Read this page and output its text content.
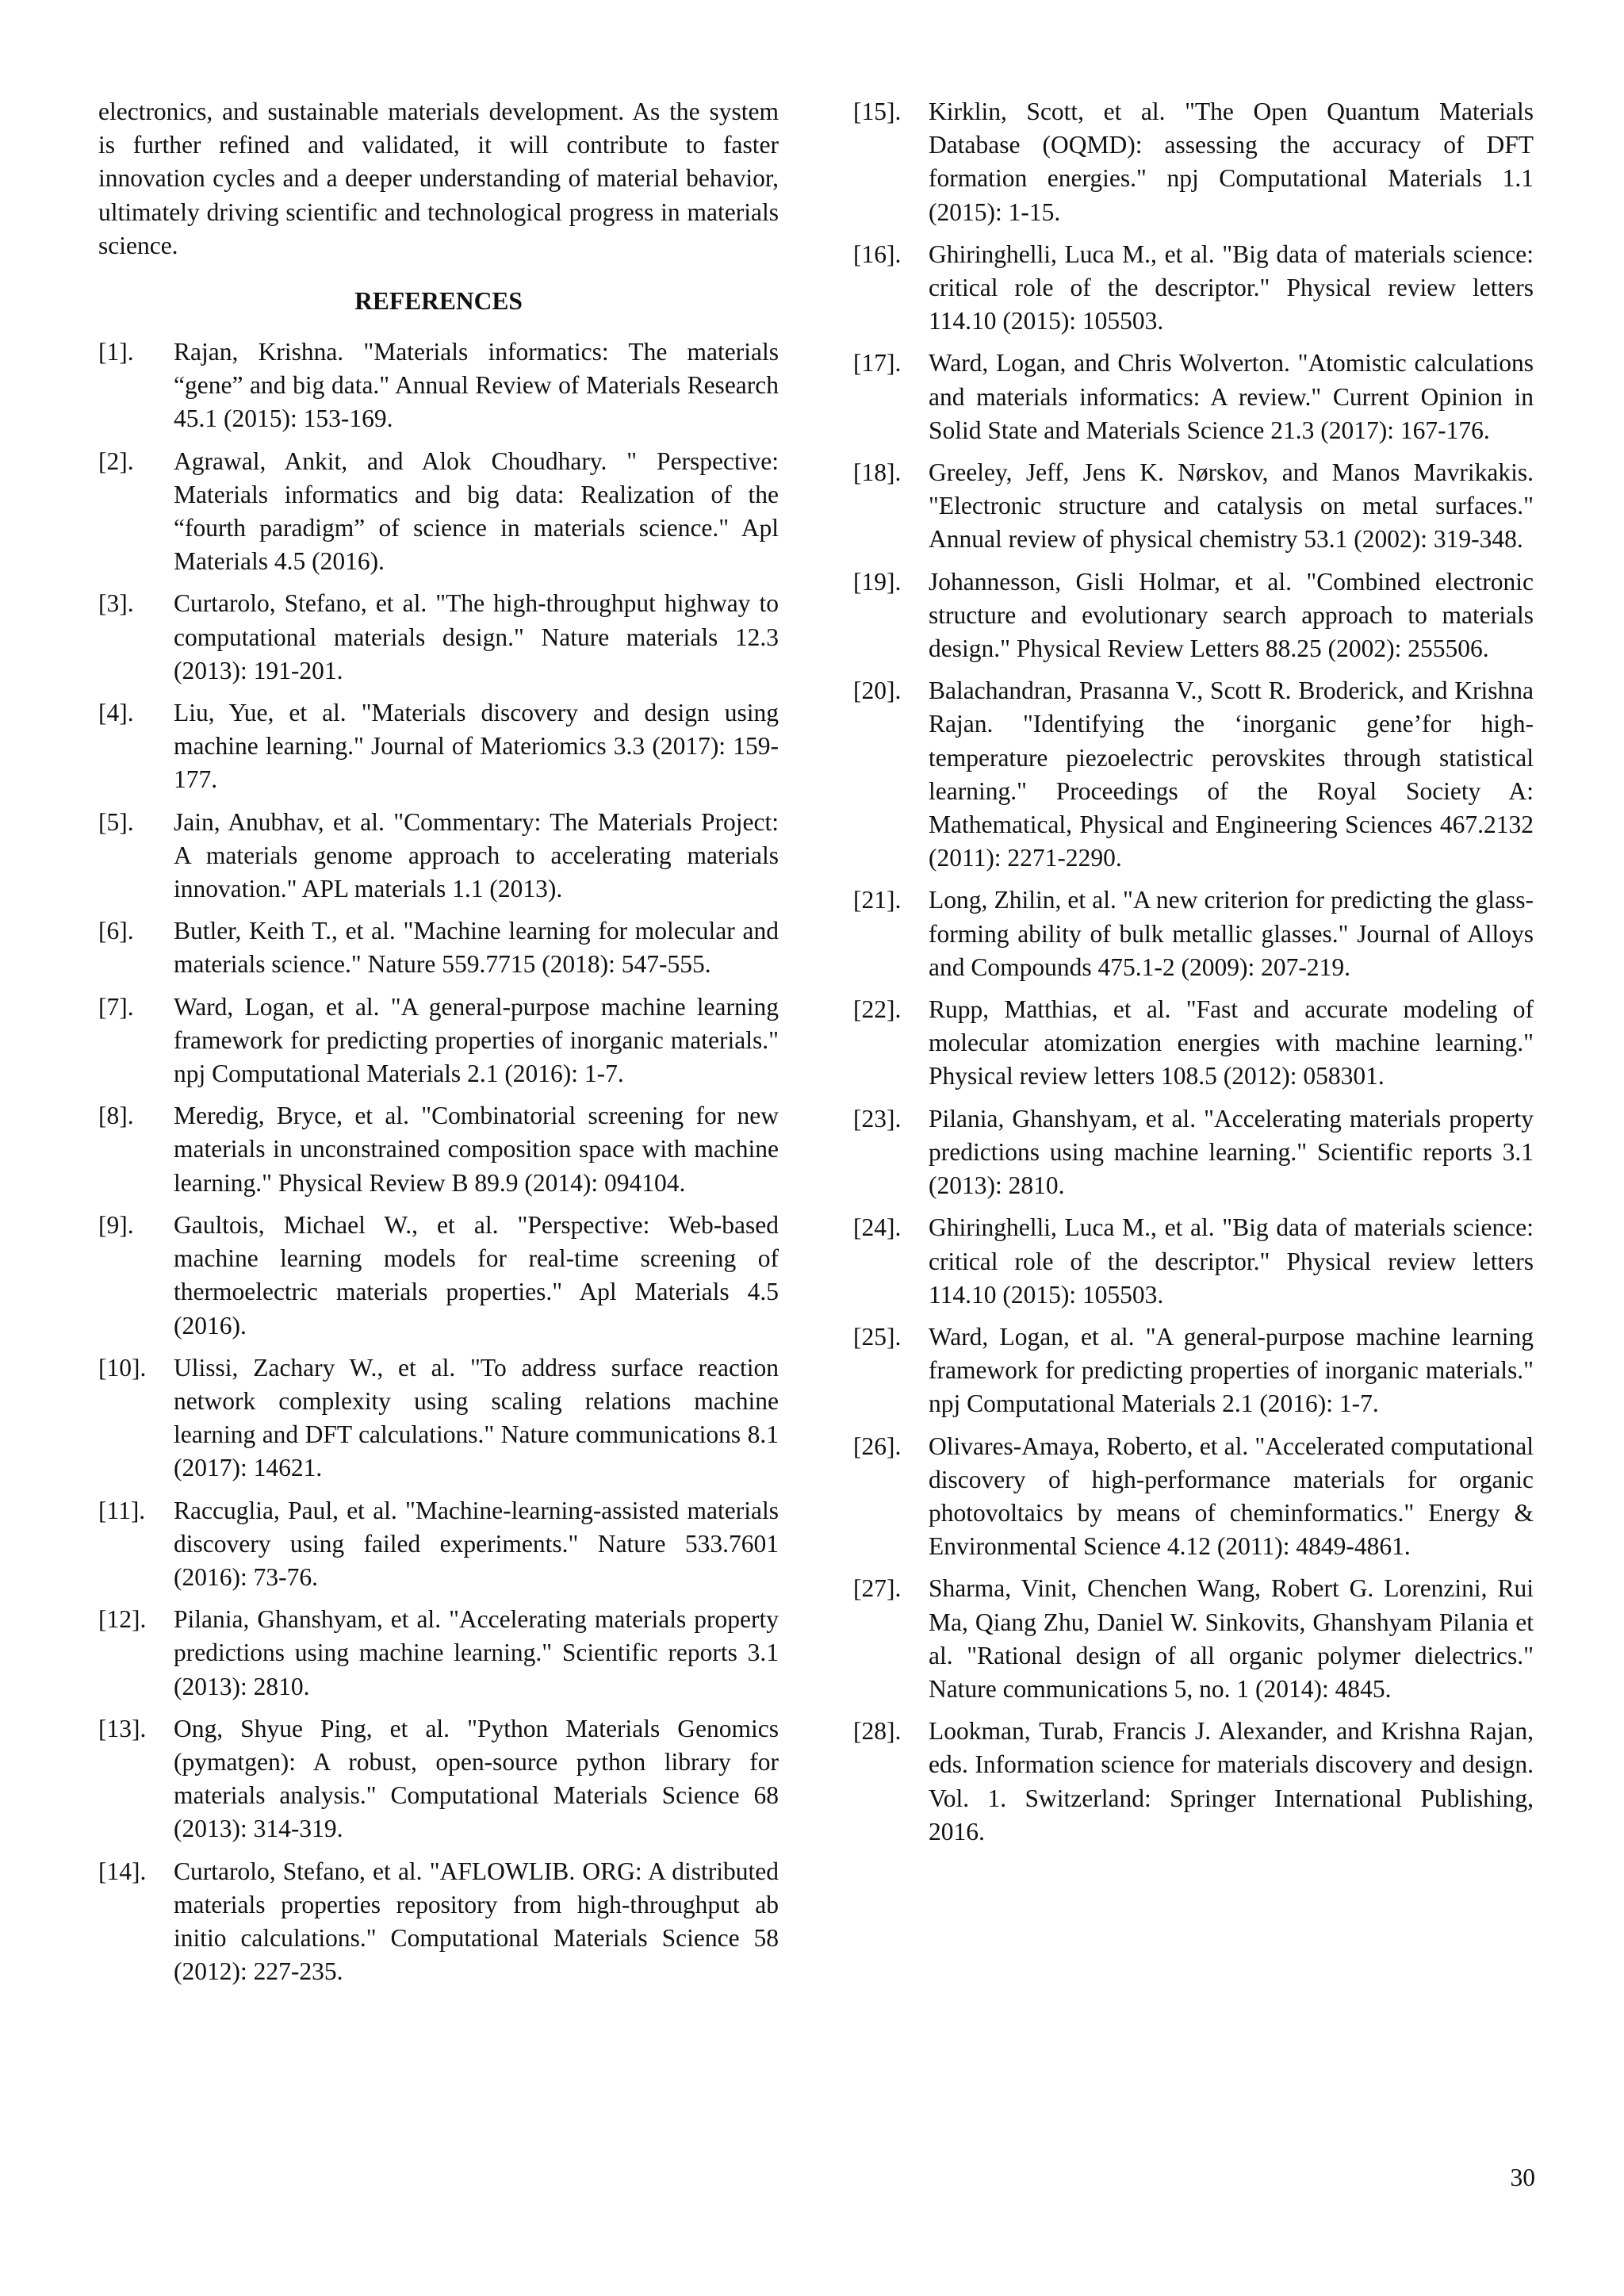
electronics, and sustainable materials development. As the system is further refined and validated, it will contribute to faster innovation cycles and a deeper understanding of material behavior, ultimately driving scientific and technological progress in materials science.

REFERENCES
[1]. Rajan, Krishna. "Materials informatics: The materials “gene” and big data." Annual Review of Materials Research 45.1 (2015): 153-169.
[2]. Agrawal, Ankit, and Alok Choudhary. " Perspective: Materials informatics and big data: Realization of the “fourth paradigm” of science in materials science." Apl Materials 4.5 (2016).
[3]. Curtarolo, Stefano, et al. "The high-throughput highway to computational materials design." Nature materials 12.3 (2013): 191-201.
[4]. Liu, Yue, et al. "Materials discovery and design using machine learning." Journal of Materiomics 3.3 (2017): 159-177.
[5]. Jain, Anubhav, et al. "Commentary: The Materials Project: A materials genome approach to accelerating materials innovation." APL materials 1.1 (2013).
[6]. Butler, Keith T., et al. "Machine learning for molecular and materials science." Nature 559.7715 (2018): 547-555.
[7]. Ward, Logan, et al. "A general-purpose machine learning framework for predicting properties of inorganic materials." npj Computational Materials 2.1 (2016): 1-7.
[8]. Meredig, Bryce, et al. "Combinatorial screening for new materials in unconstrained composition space with machine learning." Physical Review B 89.9 (2014): 094104.
[9]. Gaultois, Michael W., et al. "Perspective: Web-based machine learning models for real-time screening of thermoelectric materials properties." Apl Materials 4.5 (2016).
[10]. Ulissi, Zachary W., et al. "To address surface reaction network complexity using scaling relations machine learning and DFT calculations." Nature communications 8.1 (2017): 14621.
[11]. Raccuglia, Paul, et al. "Machine-learning-assisted materials discovery using failed experiments." Nature 533.7601 (2016): 73-76.
[12]. Pilania, Ghanshyam, et al. "Accelerating materials property predictions using machine learning." Scientific reports 3.1 (2013): 2810.
[13]. Ong, Shyue Ping, et al. "Python Materials Genomics (pymatgen): A robust, open-source python library for materials analysis." Computational Materials Science 68 (2013): 314-319.
[14]. Curtarolo, Stefano, et al. "AFLOWLIB. ORG: A distributed materials properties repository from high-throughput ab initio calculations." Computational Materials Science 58 (2012): 227-235.
[15]. Kirklin, Scott, et al. "The Open Quantum Materials Database (OQMD): assessing the accuracy of DFT formation energies." npj Computational Materials 1.1 (2015): 1-15.
[16]. Ghiringhelli, Luca M., et al. "Big data of materials science: critical role of the descriptor." Physical review letters 114.10 (2015): 105503.
[17]. Ward, Logan, and Chris Wolverton. "Atomistic calculations and materials informatics: A review." Current Opinion in Solid State and Materials Science 21.3 (2017): 167-176.
[18]. Greeley, Jeff, Jens K. Nørskov, and Manos Mavrikakis. "Electronic structure and catalysis on metal surfaces." Annual review of physical chemistry 53.1 (2002): 319-348.
[19]. Johannesson, Gisli Holmar, et al. "Combined electronic structure and evolutionary search approach to materials design." Physical Review Letters 88.25 (2002): 255506.
[20]. Balachandran, Prasanna V., Scott R. Broderick, and Krishna Rajan. "Identifying the ‘inorganic gene’for high-temperature piezoelectric perovskites through statistical learning." Proceedings of the Royal Society A: Mathematical, Physical and Engineering Sciences 467.2132 (2011): 2271-2290.
[21]. Long, Zhilin, et al. "A new criterion for predicting the glass-forming ability of bulk metallic glasses." Journal of Alloys and Compounds 475.1-2 (2009): 207-219.
[22]. Rupp, Matthias, et al. "Fast and accurate modeling of molecular atomization energies with machine learning." Physical review letters 108.5 (2012): 058301.
[23]. Pilania, Ghanshyam, et al. "Accelerating materials property predictions using machine learning." Scientific reports 3.1 (2013): 2810.
[24]. Ghiringhelli, Luca M., et al. "Big data of materials science: critical role of the descriptor." Physical review letters 114.10 (2015): 105503.
[25]. Ward, Logan, et al. "A general-purpose machine learning framework for predicting properties of inorganic materials." npj Computational Materials 2.1 (2016): 1-7.
[26]. Olivares-Amaya, Roberto, et al. "Accelerated computational discovery of high-performance materials for organic photovoltaics by means of cheminformatics." Energy & Environmental Science 4.12 (2011): 4849-4861.
[27]. Sharma, Vinit, Chenchen Wang, Robert G. Lorenzini, Rui Ma, Qiang Zhu, Daniel W. Sinkovits, Ghanshyam Pilania et al. "Rational design of all organic polymer dielectrics." Nature communications 5, no. 1 (2014): 4845.
[28]. Lookman, Turab, Francis J. Alexander, and Krishna Rajan, eds. Information science for materials discovery and design. Vol. 1. Switzerland: Springer International Publishing, 2016.
30
